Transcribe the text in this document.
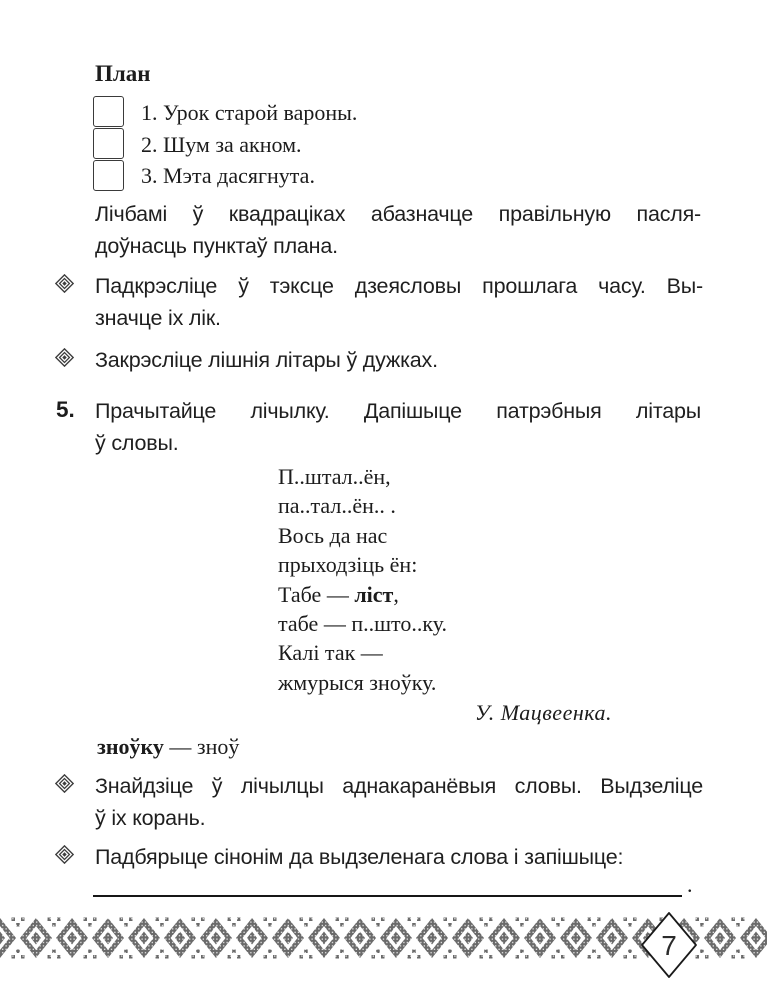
План
1. Урок старой вароны.
2. Шум за акном.
3. Мэта дасягнута.
Лічбамі ў квадраціках абазначце правільную пасля-
доўнасць пунктаў плана.
Падкрэсліце ў тэксце дзеясловы прошлага часу. Вы-
значце іх лік.
Закрэсліце лішнія літары ў дужках.
5. Прачытайце лічылку. Дапішыце патрэбныя літары
ў словы.
П..штал..ён,
па..тал..ён.. .
Вось да нас
прыходзіць ён:
Табе — ліст,
табе — п..што..ку.
Калі так —
жмурыся зноўку.
У. Мацвеенка.
зноўку — зноў
Знайдзіце ў лічылцы аднакаранёвыя словы. Выдзеліце
ў іх корань.
Падбярыце сінонім да выдзеленага слова і запішыце:
.
7
